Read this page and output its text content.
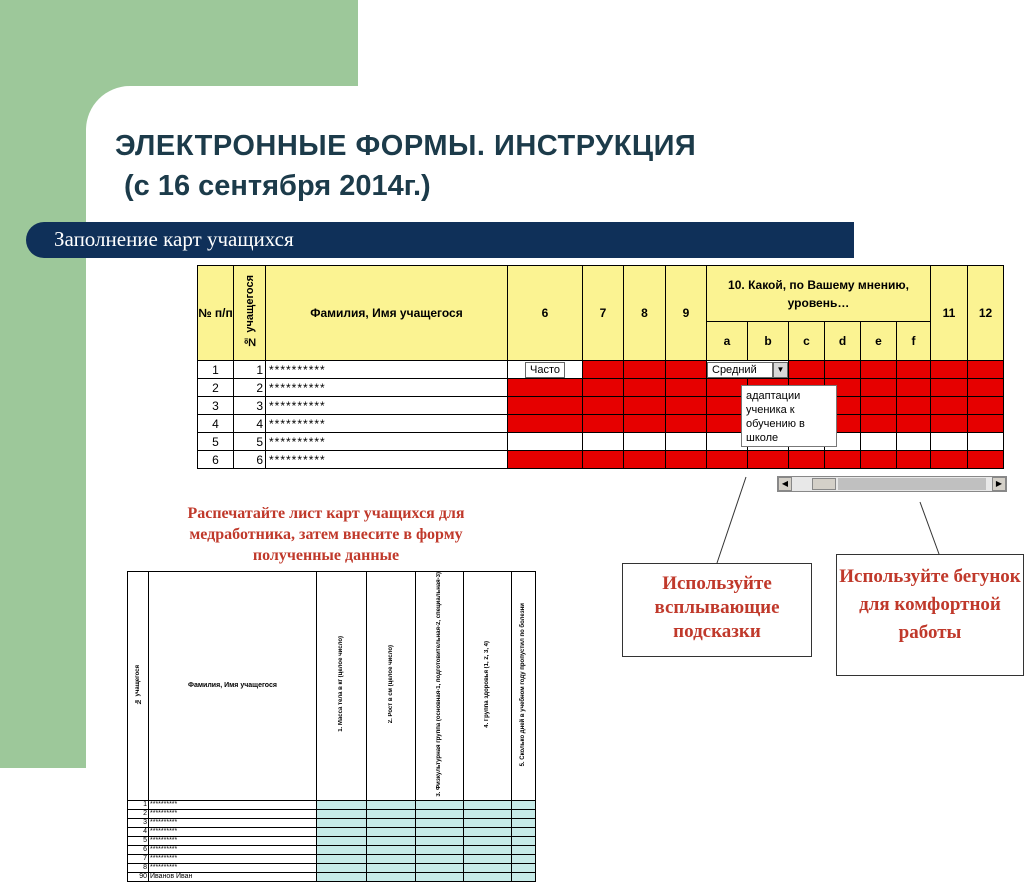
ЭЛЕКТРОННЫЕ ФОРМЫ. ИНСТРУКЦИЯ
(с 16 сентября 2014г.)
Заполнение карт учащихся
№ п/п	№ учащегося	Фамилия, Имя учащегося	6	7	8	9	10. Какой, по Вашему мнению, уровень…						11	12
							a	b	c	d	e	f		
1	1	**********	Часто				Средний ▼							
2	2	**********												
3	3	**********												
4	4	**********												
5	5	**********												
6	6	**********												
адаптации ученика к обучению в школе
◀	▶
Распечатайте лист карт учащихся для медработника, затем внесите в форму полученные данные
Используйте всплывающие подсказки
Используйте бегунок для комфортной работы
№ учащегося	Фамилия, Имя учащегося	1. Масса тела в кг (целое число)	2. Рост в см (целое число)	3. Физкультурная группа (основная-1, подготовительная-2, специальная-3)	4. Группа здоровья (1, 2, 3, 4)	5. Сколько дней в учебном году пропустил по болезни
1	**********					
2	**********					
3	**********					
4	**********					
5	**********					
6	**********					
7	**********					
8	**********					
90	Иванов Иван					
